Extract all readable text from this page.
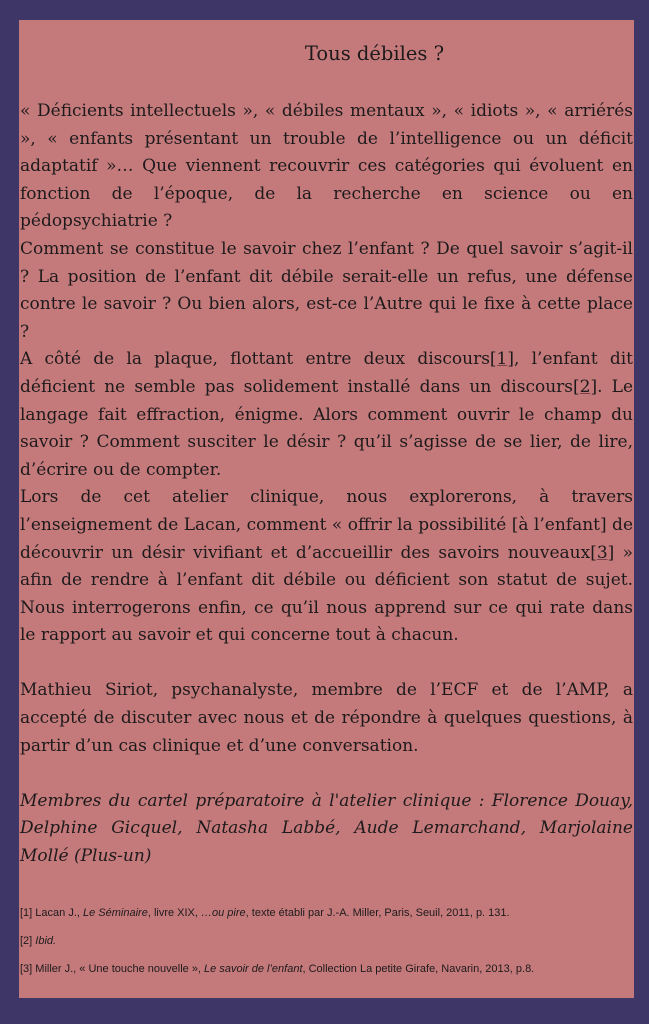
Tous débiles ?

« Déficients intellectuels », « débiles mentaux », « idiots », « arriérés », « enfants présentant un trouble de l’intelligence ou un déficit adaptatif »… Que viennent recouvrir ces catégories qui évoluent en fonction de l’époque, de la recherche en science ou en pédopsychiatrie ?

Comment se constitue le savoir chez l’enfant ? De quel savoir s’agit-il ? La position de l’enfant dit débile serait-elle un refus, une défense contre le savoir ? Ou bien alors, est-ce l’Autre qui le fixe à cette place ?

A côté de la plaque, flottant entre deux discours[1], l’enfant dit déficient ne semble pas solidement installé dans un discours[2]. Le langage fait effraction, énigme. Alors comment ouvrir le champ du savoir ? Comment susciter le désir ? qu’il s’agisse de se lier, de lire, d’écrire ou de compter.

Lors de cet atelier clinique, nous explorerons, à travers l’enseignement de Lacan, comment « offrir la possibilité [à l’enfant] de découvrir un désir vivifiant et d’accueillir des savoirs nouveaux[3] » afin de rendre à l’enfant dit débile ou déficient son statut de sujet. Nous interrogerons enfin, ce qu’il nous apprend sur ce qui rate dans le rapport au savoir et qui concerne tout à chacun.

Mathieu Siriot, psychanalyste, membre de l’ECF et de l’AMP, a accepté de discuter avec nous et de répondre à quelques questions, à partir d’un cas clinique et d’une conversation.

Membres du cartel préparatoire à l'atelier clinique : Florence Douay, Delphine Gicquel, Natasha Labbé, Aude Lemarchand, Marjolaine Mollé (Plus-un)

[1] Lacan J., Le Séminaire, livre XIX, …ou pire, texte établi par J.-A. Miller, Paris, Seuil, 2011, p. 131.

[2] Ibid.

[3] Miller J., « Une touche nouvelle », Le savoir de l’enfant, Collection La petite Girafe, Navarin, 2013, p.8.
